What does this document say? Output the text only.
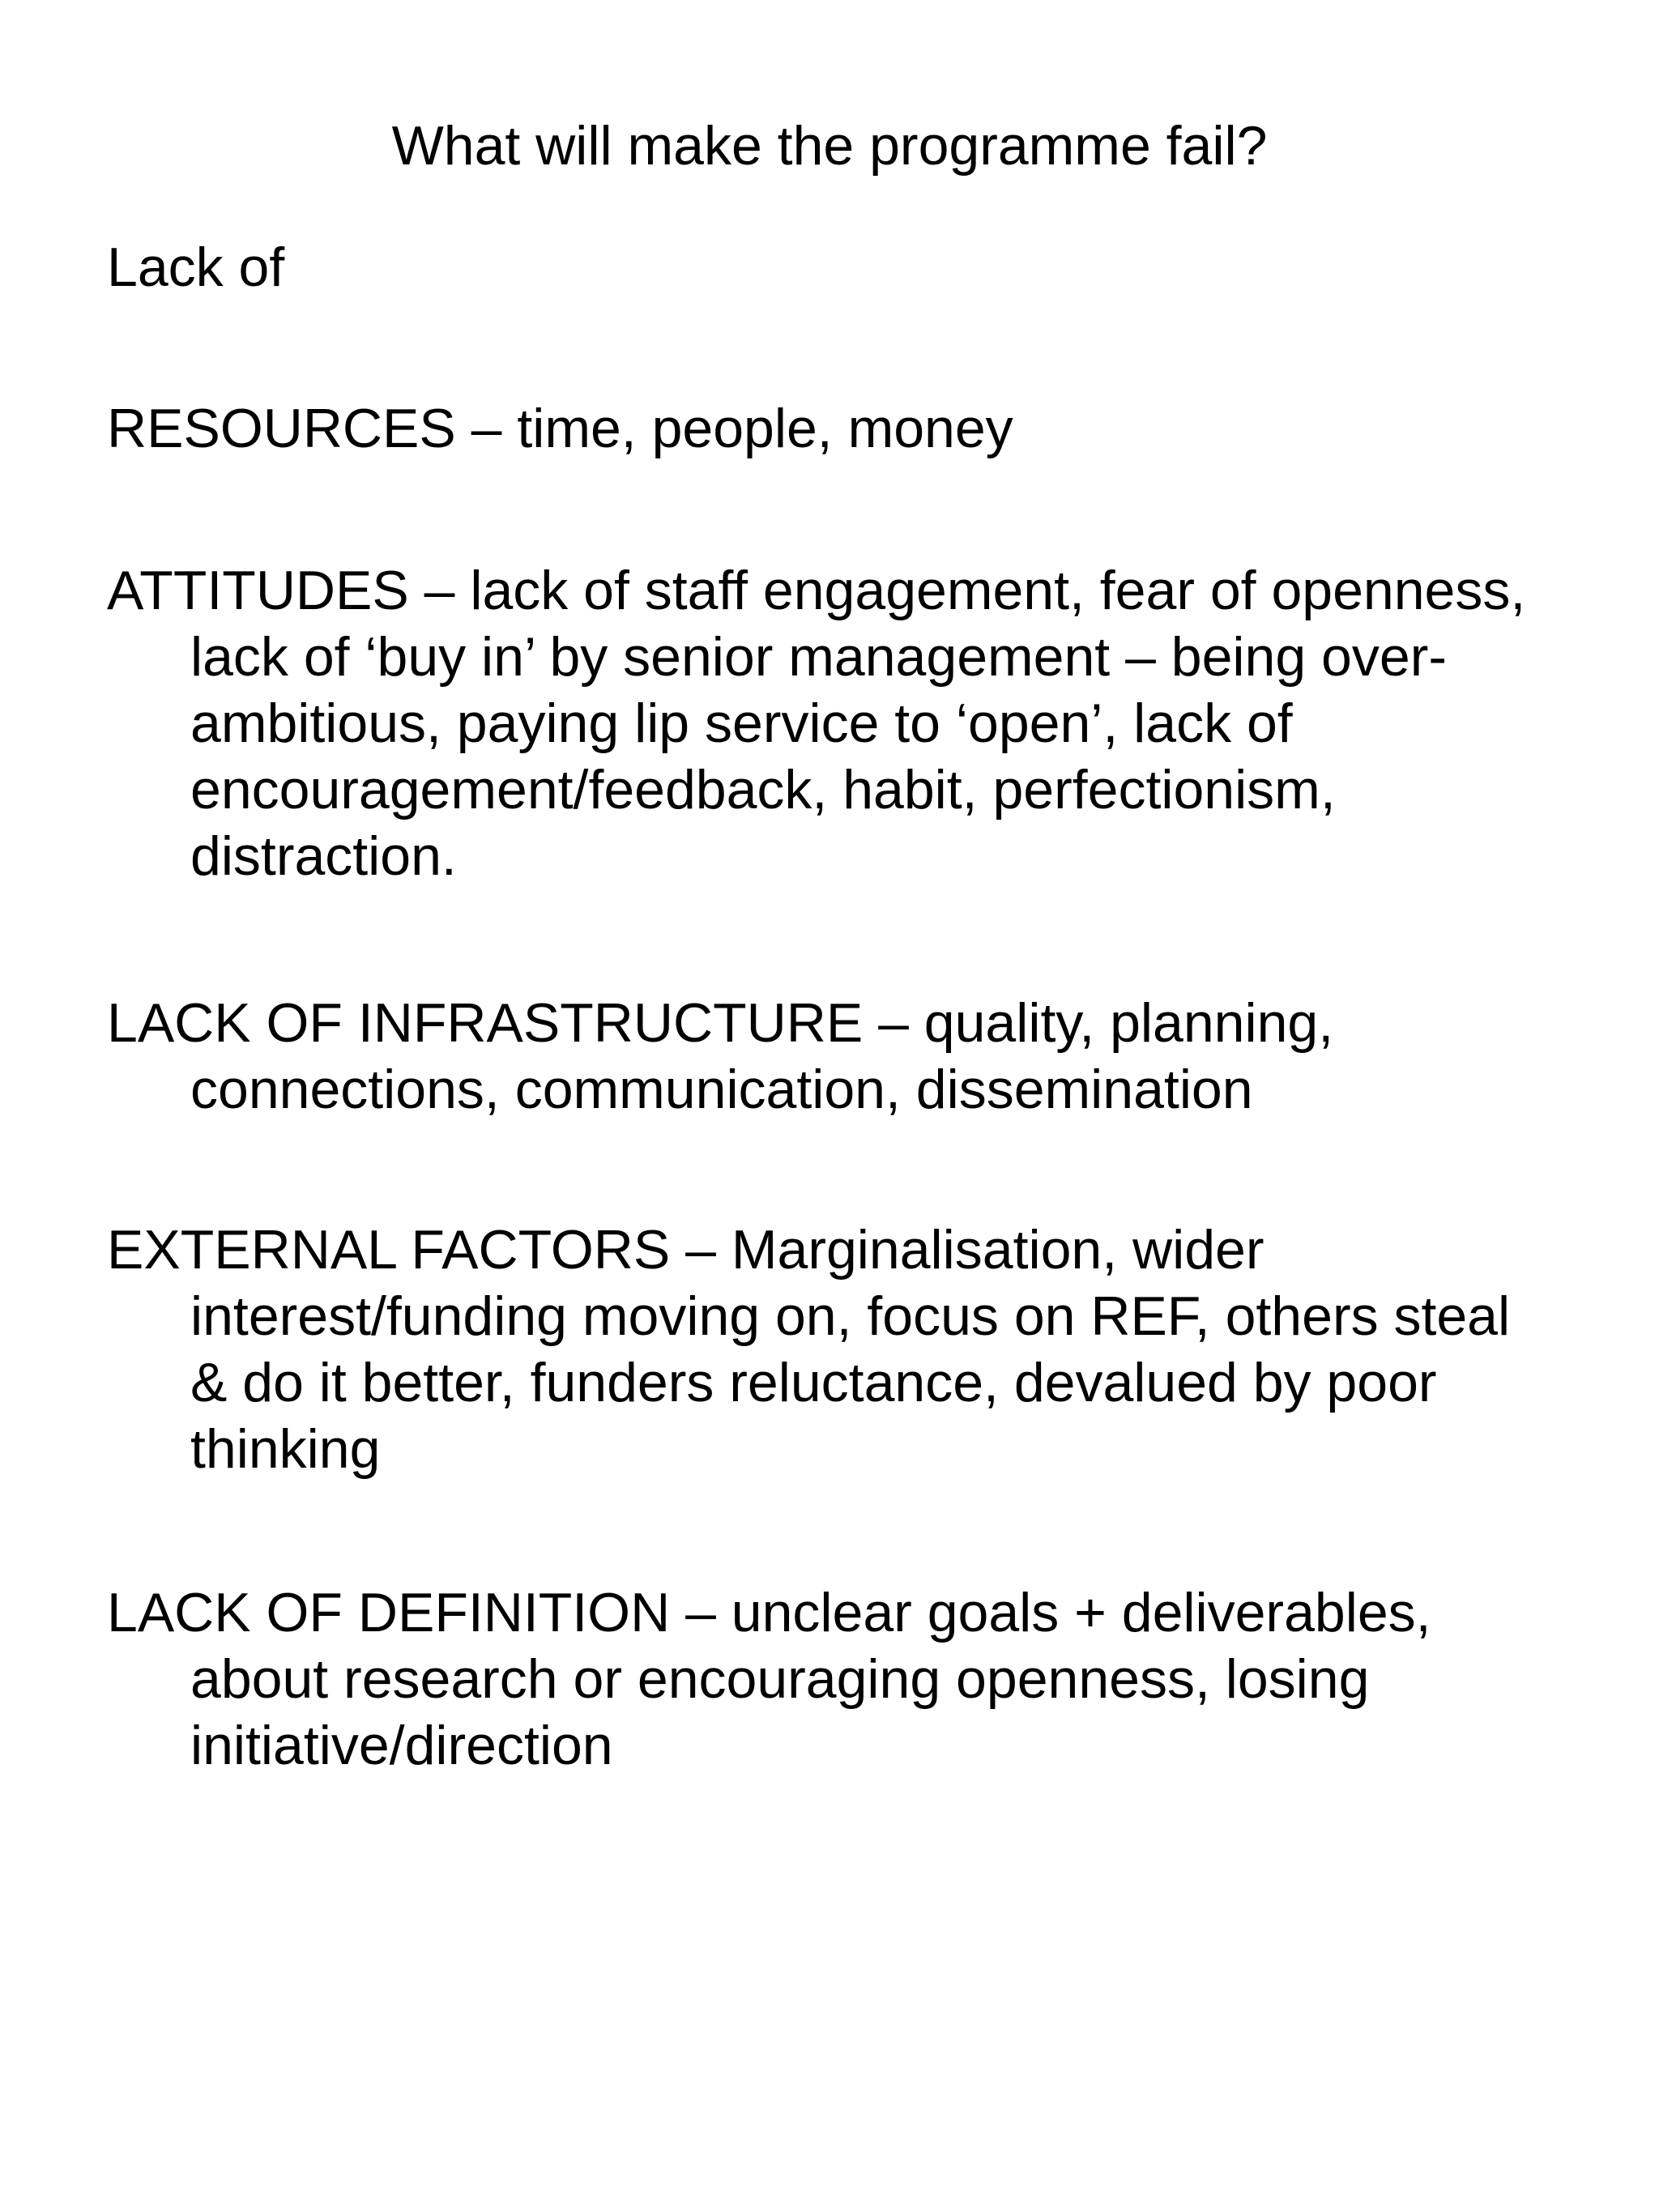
What will make the programme fail?

Lack of

RESOURCES – time, people, money

ATTITUDES – lack of staff engagement, fear of openness,
lack of ‘buy in’ by senior management – being over-
ambitious, paying lip service to ‘open’, lack of
encouragement/feedback, habit, perfectionism,
distraction.

LACK OF INFRASTRUCTURE – quality, planning,
connections, communication, dissemination

EXTERNAL FACTORS – Marginalisation, wider
interest/funding moving on, focus on REF, others steal
& do it better, funders reluctance, devalued by poor
thinking

LACK OF DEFINITION – unclear goals + deliverables,
about research or encouraging openness, losing
initiative/direction
